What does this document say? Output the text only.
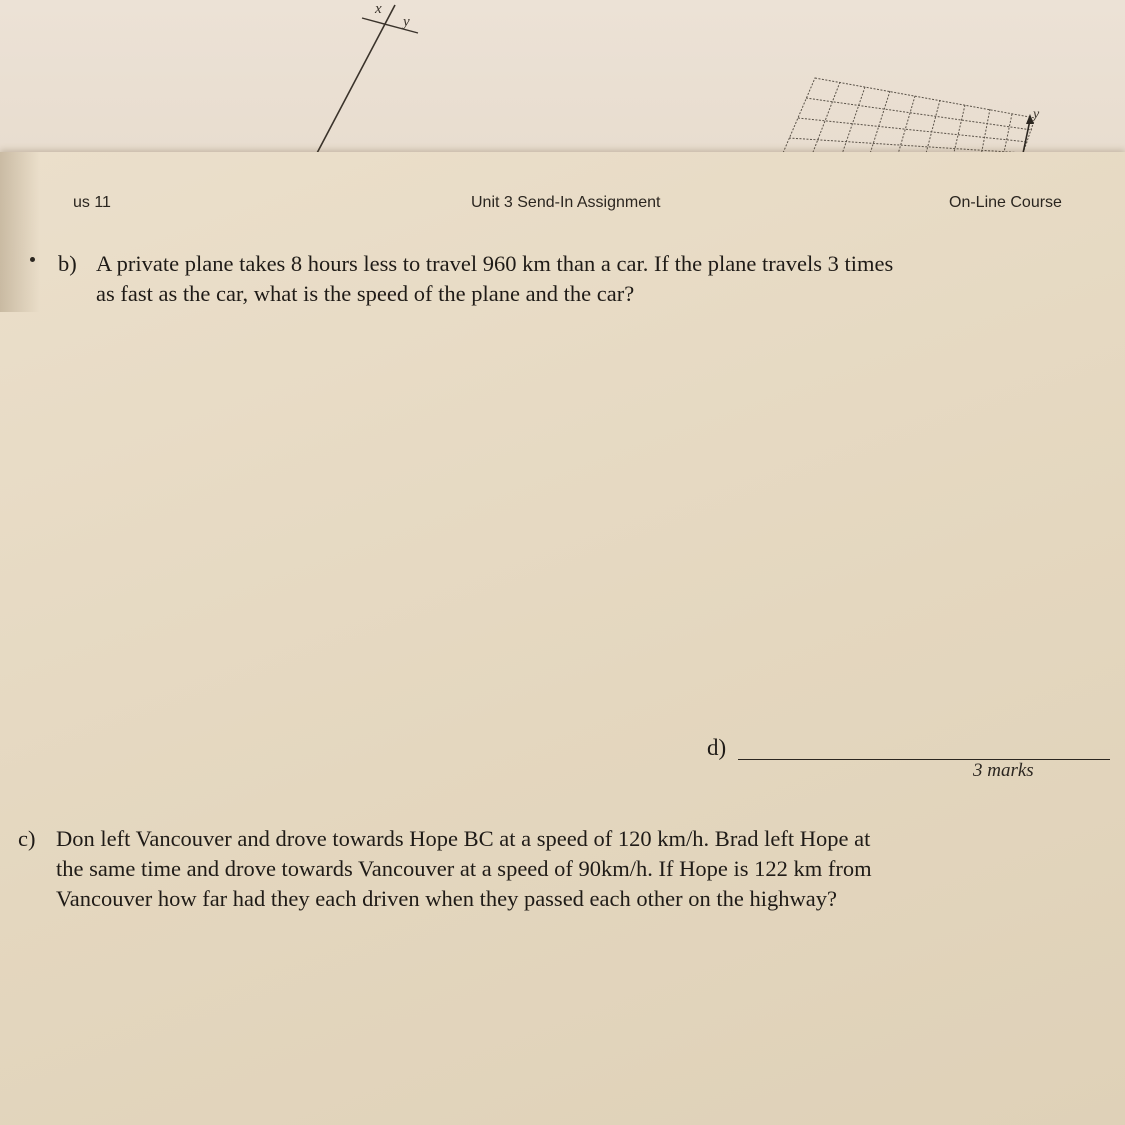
x
y
y
us 11	Unit 3 Send-In Assignment	On-Line Course
b) A private plane takes 8 hours less to travel 960 km than a car. If the plane travels 3 times
as fast as the car, what is the speed of the plane and the car?
d)
3 marks
c) Don left Vancouver and drove towards Hope BC at a speed of 120 km/h. Brad left Hope at
the same time and drove towards Vancouver at a speed of 90km/h. If Hope is 122 km from
Vancouver how far had they each driven when they passed each other on the highway?
